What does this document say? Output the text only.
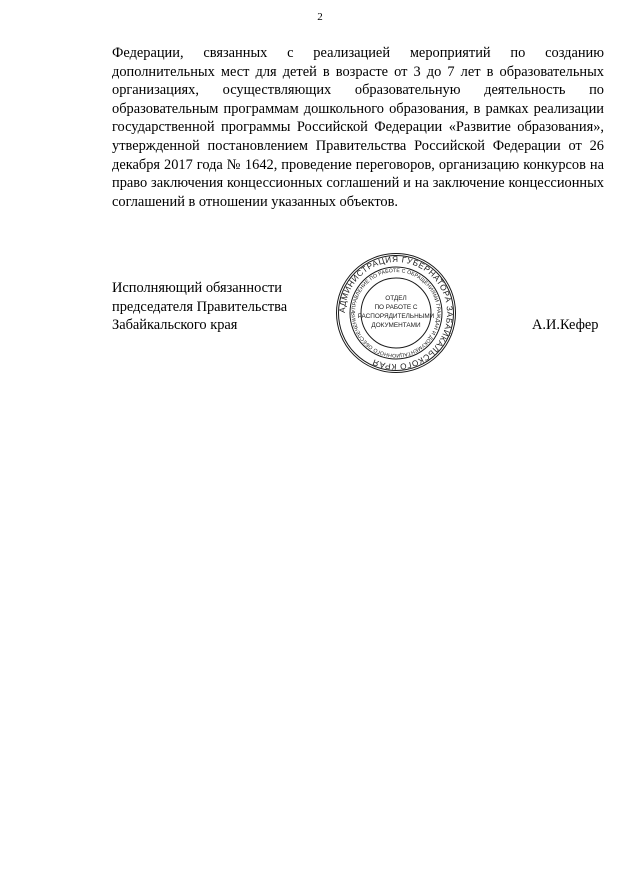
2

Федерации, связанных с реализацией мероприятий по созданию дополнительных мест для детей в возрасте от 3 до 7 лет в образовательных организациях, осуществляющих образовательную деятельность по образовательным программам дошкольного образования, в рамках реализации государственной программы Российской Федерации «Развитие образования», утвержденной постановлением Правительства Российской Федерации от 26 декабря 2017 года № 1642, проведение переговоров, организацию конкурсов на право заключения концессионных соглашений и на заключение концессионных соглашений в отношении указанных объектов.

Исполняющий обязанности
председателя Правительства
Забайкальского края
АДМИНИСТРАЦИЯ ГУБЕРНАТОРА ЗАБАЙКАЛЬСКОГО КРАЯ
УПРАВЛЕНИЕ ПО РАБОТЕ С ОБРАЩЕНИЯМИ ГРАЖДАН И ДОКУМЕНТАЦИОННОГО ОБЕСПЕЧЕНИЯ
ОТДЕЛ
ПО РАБОТЕ С
РАСПОРЯДИТЕЛЬНЫМИ
ДОКУМЕНТАМИ	А.И.Кефер
